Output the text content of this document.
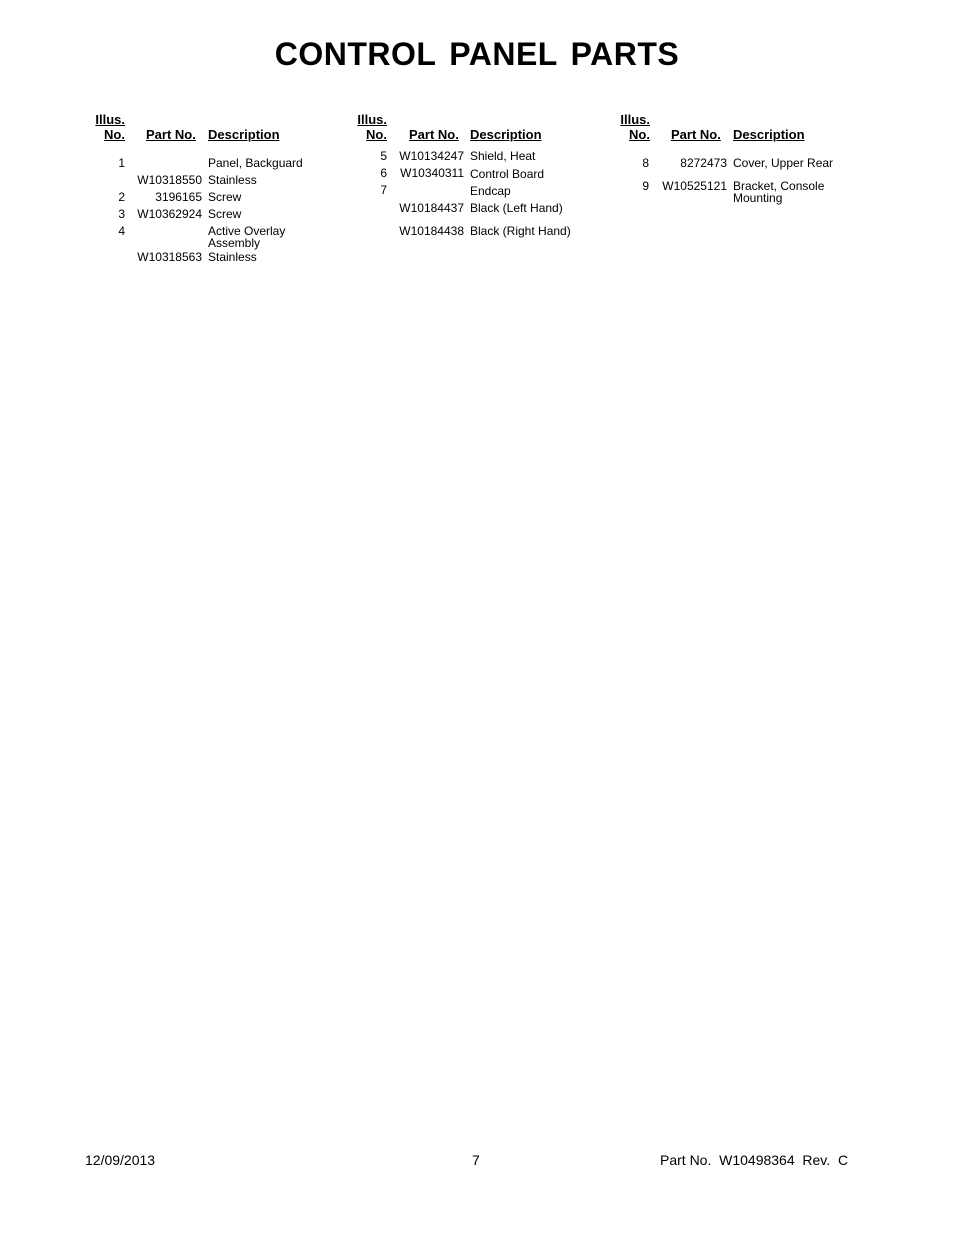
CONTROL PANEL PARTS
Illus.
No. Part No. Description
1	Panel, Backguard
W10318550 Stainless
2	3196165 Screw
3	W10362924 Screw
4	Active Overlay Assembly
W10318563 Stainless
Illus.
No. Part No. Description
5	W10134247 Shield, Heat
6	W10340311 Control Board
7	Endcap
W10184437 Black (Left Hand)
W10184438 Black (Right Hand)
Illus.
No. Part No. Description
8	8272473 Cover, Upper Rear
9	W10525121 Bracket, Console Mounting
12/09/2013	7	Part No.  W10498364  Rev.  C
